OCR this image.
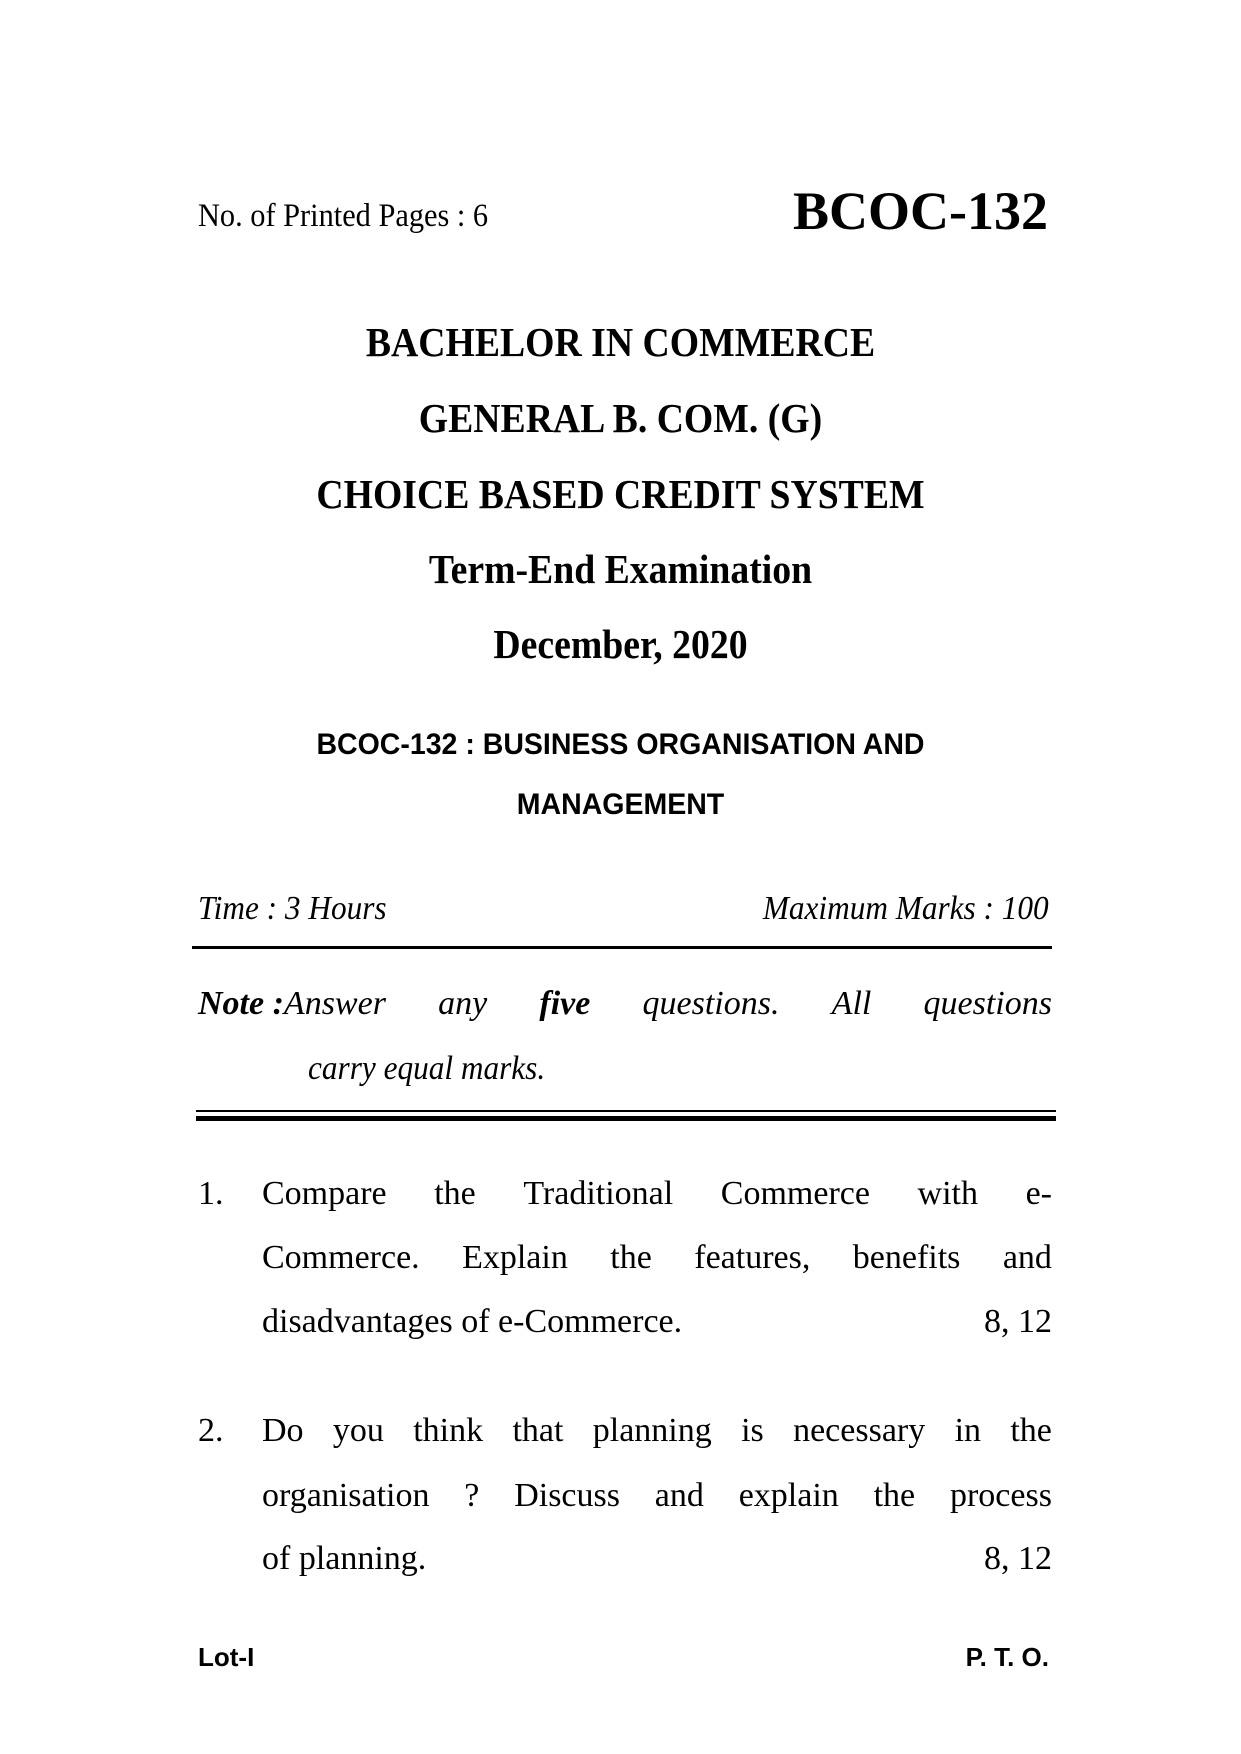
No. of Printed Pages : 6	BCOC-132
BACHELOR IN COMMERCE
GENERAL B. COM. (G)
CHOICE BASED CREDIT SYSTEM
Term-End Examination
December, 2020
BCOC-132 : BUSINESS ORGANISATION AND
MANAGEMENT
Time : 3 Hours	Maximum Marks : 100
Note :Answer any five questions. All questions
carry equal marks.
1. Compare the Traditional Commerce with e-
Commerce. Explain the features, benefits and
disadvantages of e-Commerce.	8, 12
2. Do you think that planning is necessary in the
organisation ? Discuss and explain the process
of planning.	8, 12
Lot-I	P. T. O.
